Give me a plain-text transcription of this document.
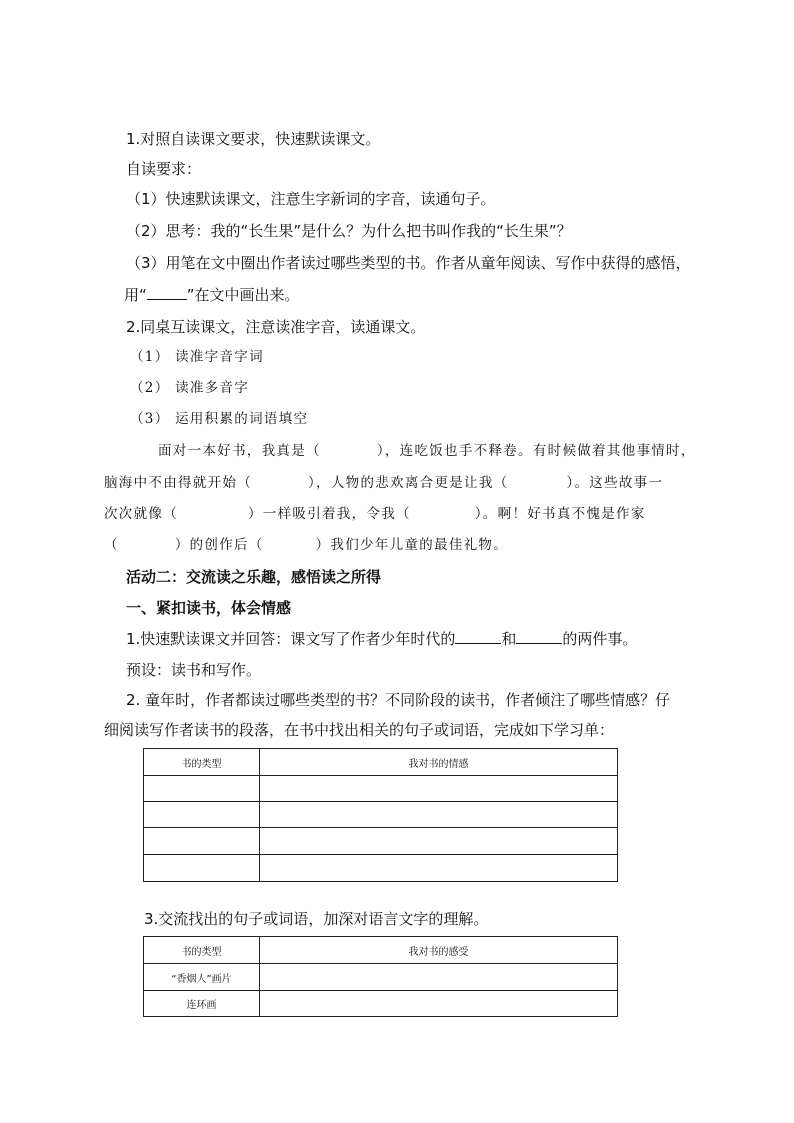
1.对照自读课文要求，快速默读课文。
自读要求：
（1）快速默读课文，注意生字新词的字音，读通句子。
（2）思考：我的“长生果”是什么？为什么把书叫作我的“长生果”？
（3）用笔在文中圈出作者读过哪些类型的书。作者从童年阅读、写作中获得的感悟，
用“	”在文中画出来。
2.同桌互读课文，注意读准字音，读通课文。
（1） 读准字音字词
（2） 读准多音字
（3） 运用积累的词语填空
面对一本好书，我真是（	），连吃饭也手不释卷。有时候做着其他事情时，
脑海中不由得就开始（	），人物的悲欢离合更是让我（	）。这些故事一
次次就像（	）一样吸引着我，令我（	）。啊！好书真不愧是作家
（	）的创作后（	）我们少年儿童的最佳礼物。
活动二：交流读之乐趣，感悟读之所得
一、紧扣读书，体会情感
1.快速默读课文并回答：课文写了作者少年时代的	和	的两件事。
预设：读书和写作。
2. 童年时，作者都读过哪些类型的书？不同阶段的读书，作者倾注了哪些情感？仔
细阅读写作者读书的段落，在书中找出相关的句子或词语，完成如下学习单：
书的类型	我对书的情感

3.交流找出的句子或词语，加深对语言文字的理解。
书的类型	我对书的感受
“香烟人”画片	
连环画	
